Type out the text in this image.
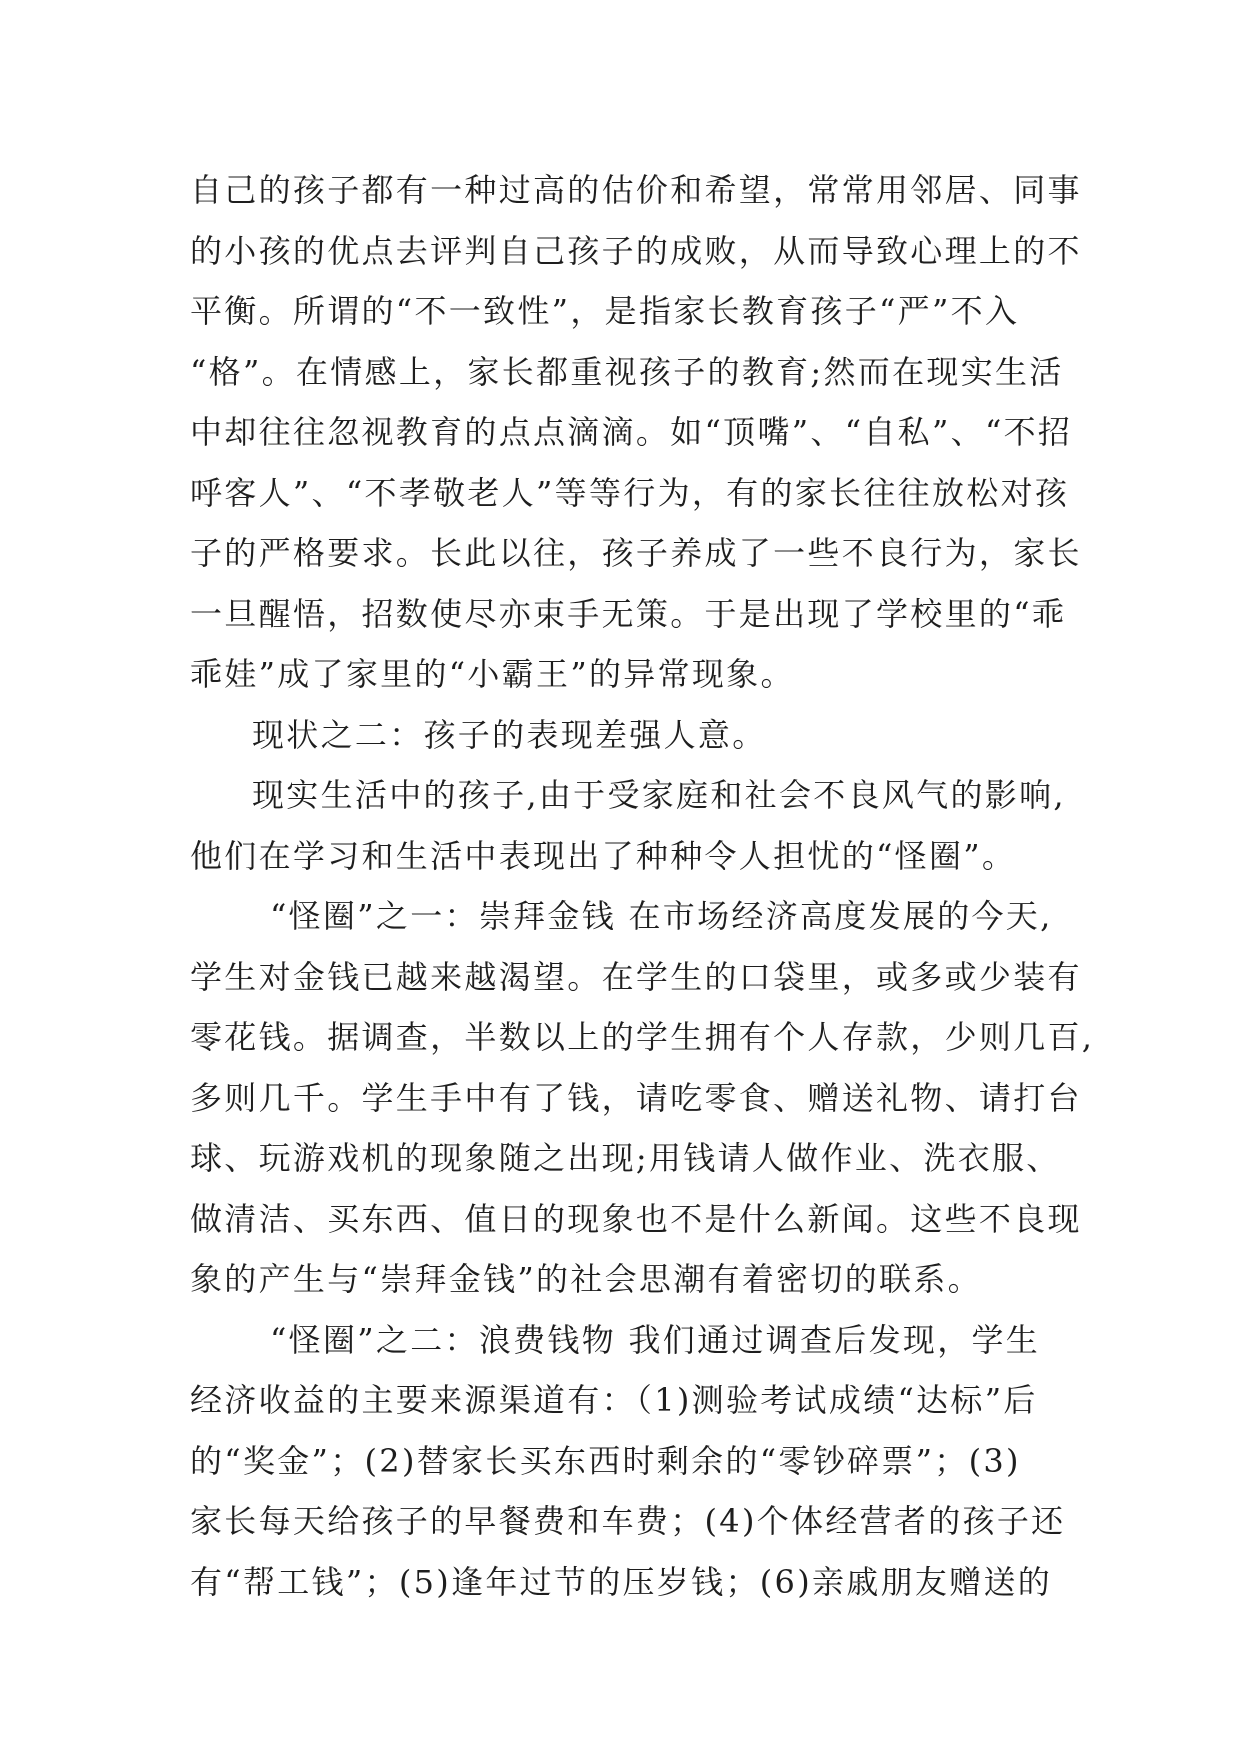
自己的孩子都有一种过高的估价和希望，常常用邻居、同事
的小孩的优点去评判自己孩子的成败，从而导致心理上的不
平衡。所谓的“不一致性”，是指家长教育孩子“严”不入
“格”。在情感上，家长都重视孩子的教育;然而在现实生活
中却往往忽视教育的点点滴滴。如“顶嘴”、“自私”、“不招
呼客人”、“不孝敬老人”等等行为，有的家长往往放松对孩
子的严格要求。长此以往，孩子养成了一些不良行为，家长
一旦醒悟，招数使尽亦束手无策。于是出现了学校里的“乖
乖娃”成了家里的“小霸王”的异常现象。
现状之二：孩子的表现差强人意。
现实生活中的孩子,由于受家庭和社会不良风气的影响,
他们在学习和生活中表现出了种种令人担忧的“怪圈”。
“怪圈”之一：崇拜金钱 在市场经济高度发展的今天,
学生对金钱已越来越渴望。在学生的口袋里，或多或少装有
零花钱。据调查，半数以上的学生拥有个人存款，少则几百,
多则几千。学生手中有了钱，请吃零食、赠送礼物、请打台
球、玩游戏机的现象随之出现;用钱请人做作业、洗衣服、
做清洁、买东西、值日的现象也不是什么新闻。这些不良现
象的产生与“崇拜金钱”的社会思潮有着密切的联系。
“怪圈”之二：浪费钱物 我们通过调查后发现，学生
经济收益的主要来源渠道有：（1)测验考试成绩“达标”后
的“奖金”；(2)替家长买东西时剩余的“零钞碎票”；(3)
家长每天给孩子的早餐费和车费；(4)个体经营者的孩子还
有“帮工钱”；(5)逢年过节的压岁钱；(6)亲戚朋友赠送的
